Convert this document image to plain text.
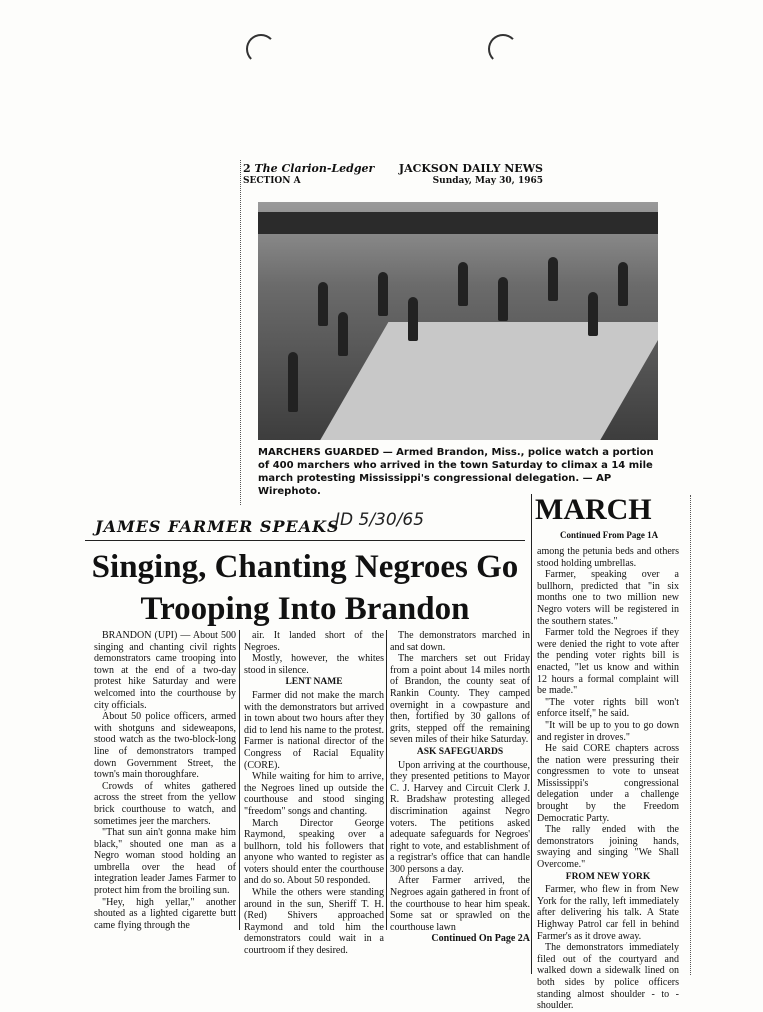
2 The Clarion-Ledger JACKSON DAILY NEWS
SECTION A	Sunday, May 30, 1965
MARCHERS GUARDED — Armed Brandon, Miss., police watch a portion of 400 marchers who arrived in the town Saturday to climax a 14 mile march protesting Mississippi's congressional delegation. — AP Wirephoto.
JAMES FARMER SPEAKS
JD 5/30/65
Singing, Chanting Negroes Go Trooping Into Brandon

BRANDON (UPI) — About 500 singing and chanting civil rights demonstrators came trooping into town at the end of a two-day protest hike Saturday and were welcomed into the courthouse by city officials.

About 50 police officers, armed with shotguns and sideweapons, stood watch as the two-block-long line of demonstrators tramped down Government Street, the town's main thoroughfare.

Crowds of whites gathered across the street from the yellow brick courthouse to watch, and sometimes jeer the marchers.

"That sun ain't gonna make him black," shouted one man as a Negro woman stood holding an umbrella over the head of integration leader James Farmer to protect him from the broiling sun.

"Hey, high yellar," another shouted as a lighted cigarette butt came flying through the

air. It landed short of the Negroes.

Mostly, however, the whites stood in silence.

LENT NAME

Farmer did not make the march with the demonstrators but arrived in town about two hours after they did to lend his name to the protest. Farmer is national director of the Congress of Racial Equality (CORE).

While waiting for him to arrive, the Negroes lined up outside the courthouse and stood singing "freedom" songs and chanting.

March Director George Raymond, speaking over a bullhorn, told his followers that anyone who wanted to register as voters should enter the courthouse and do so. About 50 responded.

While the others were standing around in the sun, Sheriff T. H. (Red) Shivers approached Raymond and told him the demonstrators could wait in a courtroom if they desired.

The demonstrators marched in and sat down.

The marchers set out Friday from a point about 14 miles north of Brandon, the county seat of Rankin County. They camped overnight in a cowpasture and then, fortified by 30 gallons of grits, stepped off the remaining seven miles of their hike Saturday.

ASK SAFEGUARDS

Upon arriving at the courthouse, they presented petitions to Mayor C. J. Harvey and Circuit Clerk J. R. Bradshaw protesting alleged discrimination against Negro voters. The petitions asked adequate safeguards for Negroes' right to vote, and establishment of a registrar's office that can handle 300 persons a day.

After Farmer arrived, the Negroes again gathered in front of the courthouse to hear him speak. Some sat or sprawled on the courthouse lawn

Continued On Page 2A

MARCH
Continued From Page 1A

among the petunia beds and others stood holding umbrellas.

Farmer, speaking over a bullhorn, predicted that "in six months one to two million new Negro voters will be registered in the southern states."

Farmer told the Negroes if they were denied the right to vote after the pending voter rights bill is enacted, "let us know and within 12 hours a formal complaint will be made."

"The voter rights bill won't enforce itself," he said.

"It will be up to you to go down and register in droves."

He said CORE chapters across the nation were pressuring their congressmen to vote to unseat Mississippi's congressional delegation under a challenge brought by the Freedom Democratic Party.

The rally ended with the demonstrators joining hands, swaying and singing "We Shall Overcome."

FROM NEW YORK

Farmer, who flew in from New York for the rally, left immediately after delivering his talk. A State Highway Patrol car fell in behind Farmer's as it drove away.

The demonstrators immediately filed out of the courtyard and walked down a sidewalk lined on both sides by police officers standing almost shoulder - to - shoulder.
